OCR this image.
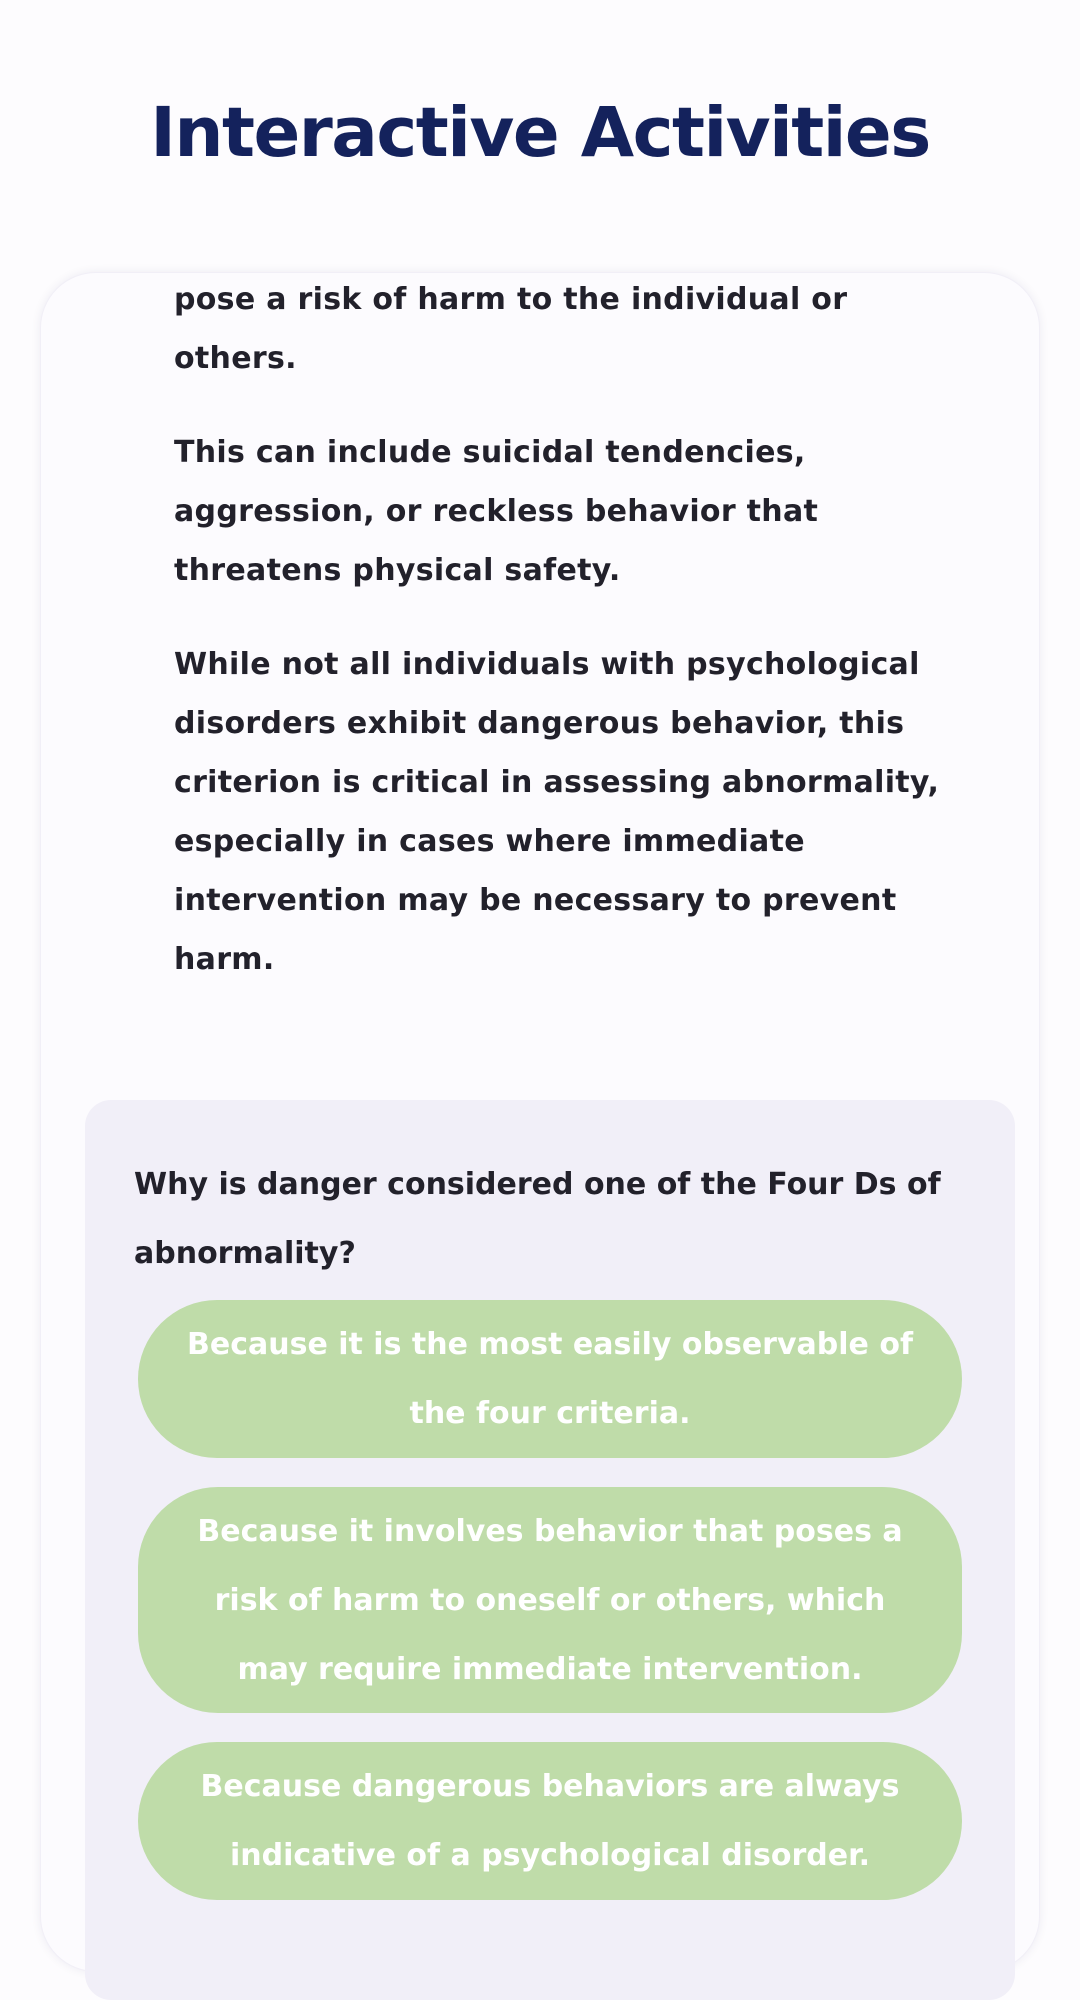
Interactive Activities

pose a risk of harm to the individual or others.

This can include suicidal tendencies, aggression, or reckless behavior that threatens physical safety.

While not all individuals with psychological disorders exhibit dangerous behavior, this criterion is critical in assessing abnormality, especially in cases where immediate intervention may be necessary to prevent harm.

Why is danger considered one of the Four Ds of abnormality?

Because it is the most easily observable of the four criteria.
Because it involves behavior that poses a risk of harm to oneself or others, which may require immediate intervention.
Because dangerous behaviors are always indicative of a psychological disorder.
